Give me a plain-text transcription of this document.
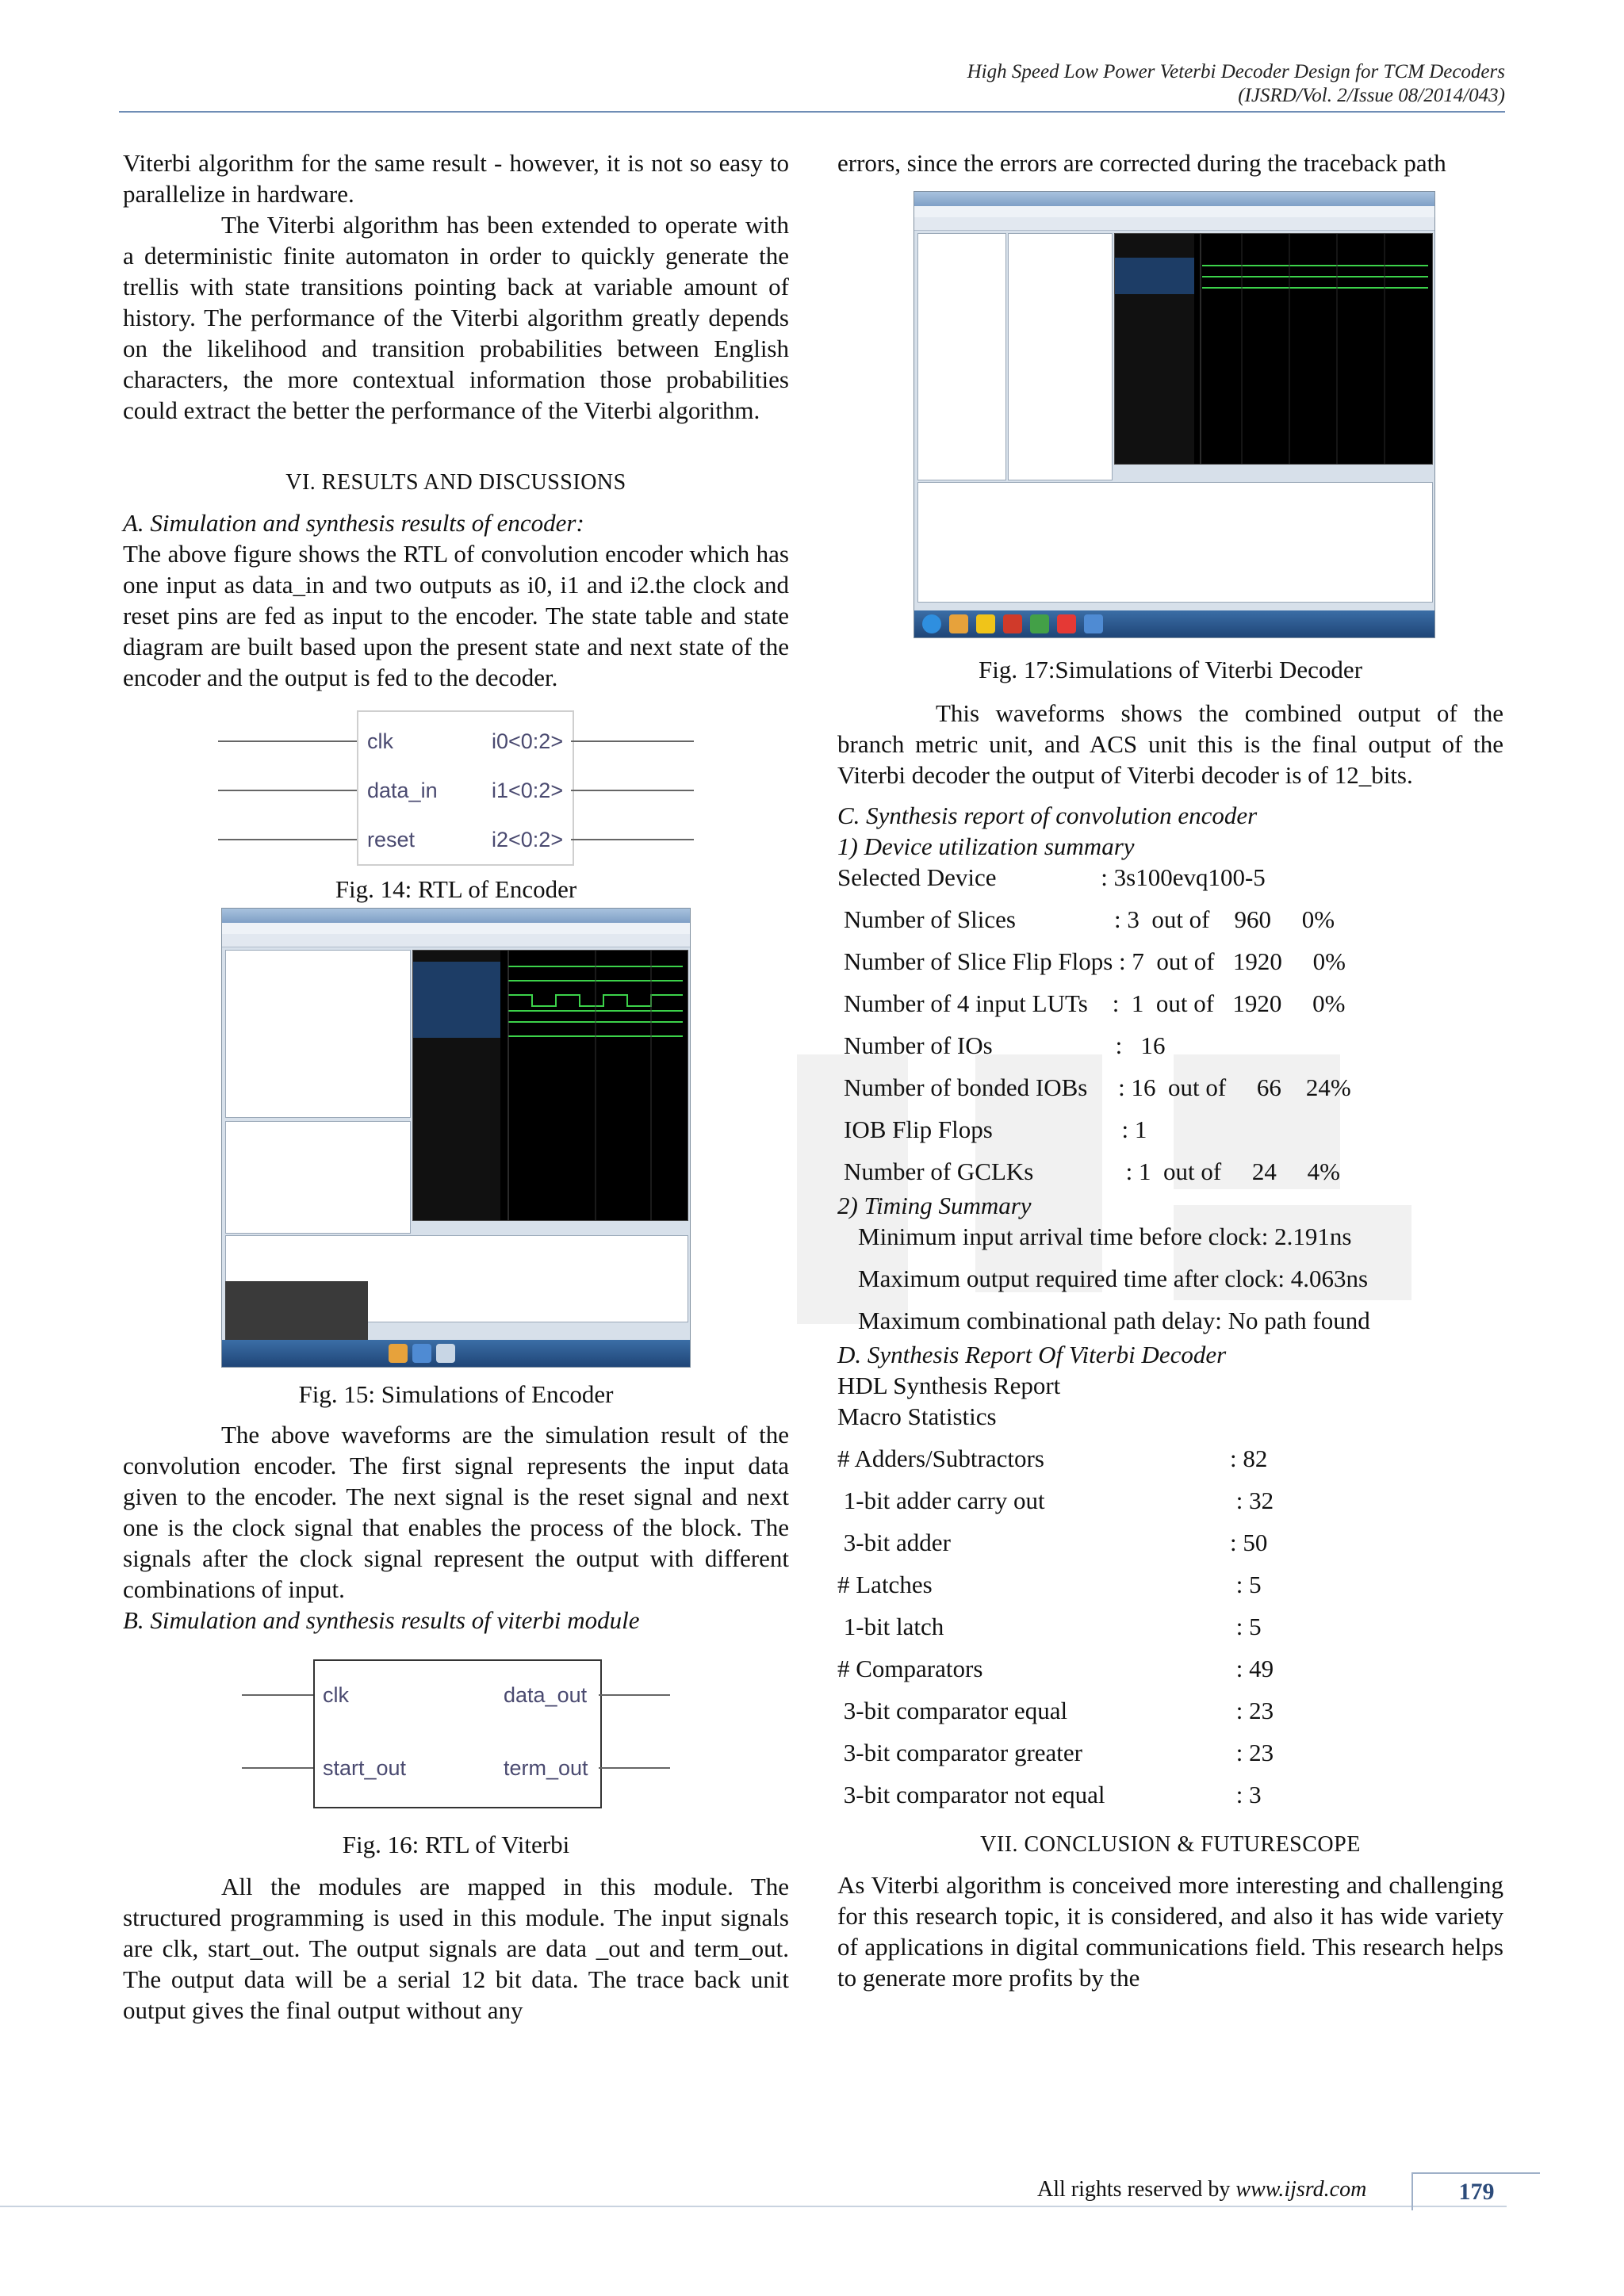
High Speed Low Power Veterbi Decoder Design for TCM Decoders
(IJSRD/Vol. 2/Issue 08/2014/043)

Viterbi algorithm for the same result - however, it is not so easy to parallelize in hardware.

The Viterbi algorithm has been extended to operate with a deterministic finite automaton in order to quickly generate the trellis with state transitions pointing back at variable amount of history. The performance of the Viterbi algorithm greatly depends on the likelihood and transition probabilities between English characters, the more contextual information those probabilities could extract the better the performance of the Viterbi algorithm.

VI. RESULTS AND DISCUSSIONS

A. Simulation and synthesis results of encoder:

The above figure shows the RTL of convolution encoder which has one input as data_in and two outputs as i0, i1 and i2.the clock and reset pins are fed as input to the encoder. The state table and state diagram are built based upon the present state and next state of the encoder and the output is fed to the decoder.

clk
data_in
reset
i0<0:2>
i1<0:2>
i2<0:2>

Fig. 14: RTL of Encoder

Fig. 15: Simulations of Encoder

The above waveforms are the simulation result of the convolution encoder. The first signal represents the input data given to the encoder. The next signal is the reset signal and next one is the clock signal that enables the process of the block. The signals after the clock signal represent the output with different combinations of input.

B. Simulation and synthesis results of viterbi module

clk
start_out
data_out
term_out

Fig. 16: RTL of Viterbi

All the modules are mapped in this module. The structured programming is used in this module. The input signals are clk, start_out. The output signals are data _out and term_out. The output data will be a serial 12 bit data. The trace back unit output gives the final output without any

errors, since the errors are corrected during the traceback path

Fig. 17:Simulations of Viterbi Decoder

This waveforms shows the combined output of the branch metric unit, and ACS unit this is the final output of the Viterbi decoder the output of Viterbi decoder is of 12_bits.

C. Synthesis report of convolution encoder

1) Device utilization summary

Selected Device                 : 3s100evq100-5
Number of Slices                : 3  out of    960     0%
Number of Slice Flip Flops : 7  out of   1920     0%
Number of 4 input LUTs    :  1  out of   1920     0%
Number of IOs                    :   16
Number of bonded IOBs     : 16  out of     66    24%
IOB Flip Flops                     : 1
Number of GCLKs               : 1  out of     24     4%

2) Timing Summary

Minimum input arrival time before clock: 2.191ns
Maximum output required time after clock: 4.063ns
Maximum combinational path delay: No path found

D. Synthesis Report Of Viterbi Decoder

HDL Synthesis Report

Macro Statistics

# Adders/Subtractors	: 82
1-bit adder carry out	: 32
3-bit adder	: 50
# Latches	: 5
1-bit latch	: 5
# Comparators	: 49
3-bit comparator equal	: 23
3-bit comparator greater	: 23
3-bit comparator not equal	: 3
VII. CONCLUSION & FUTURESCOPE

As Viterbi algorithm is conceived more interesting and challenging for this research topic, it is considered, and also it has wide variety of applications in digital communications field. This research helps to generate more profits by the

All rights reserved by www.ijsrd.com	179
